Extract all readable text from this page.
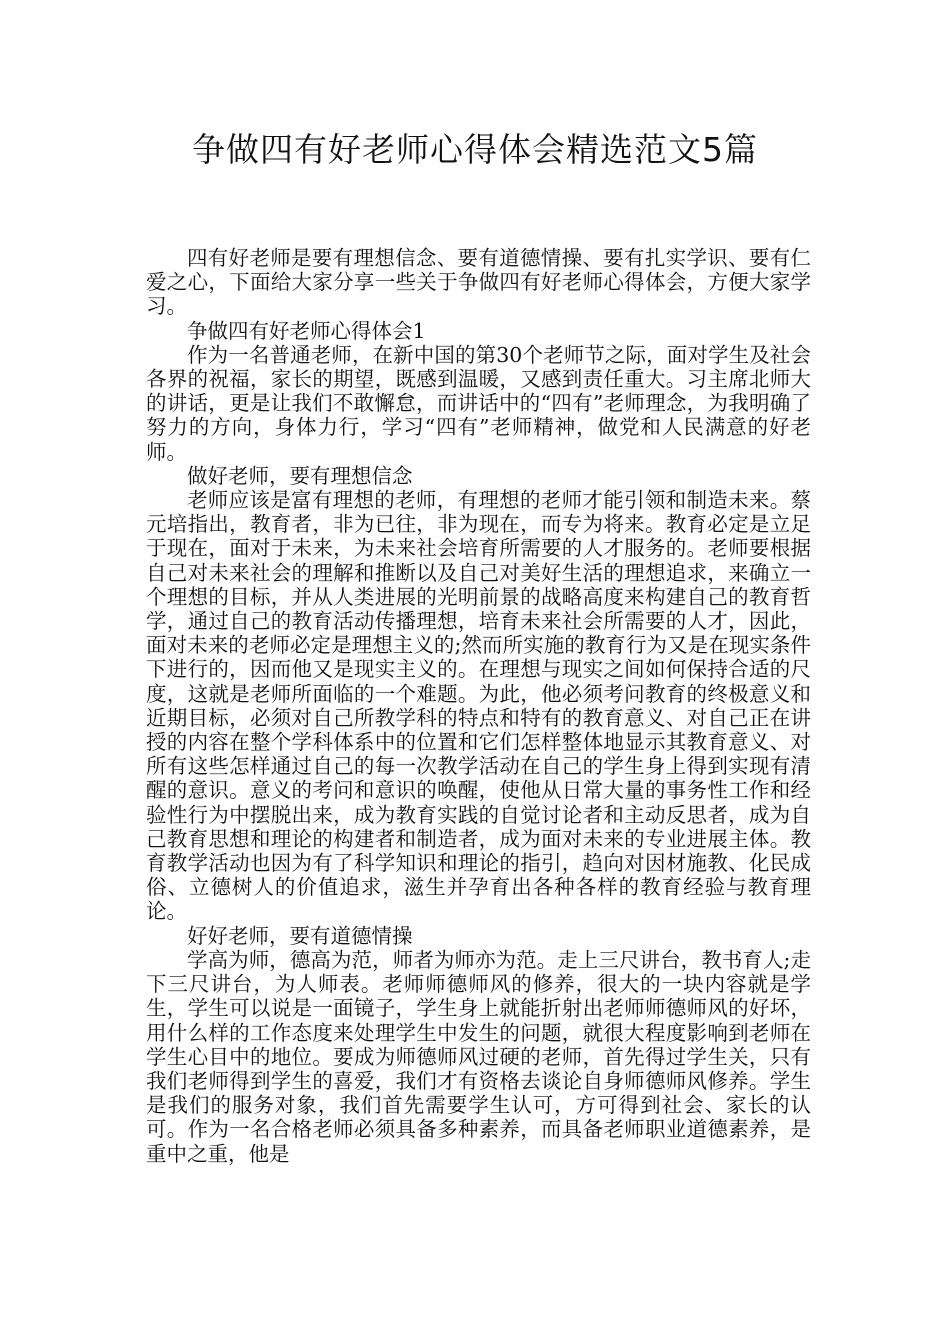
争做四有好老师心得体会精选范文5篇

四有好老师是要有理想信念、要有道德情操、要有扎实学识、要有仁爱之心，下面给大家分享一些关于争做四有好老师心得体会，方便大家学习。

争做四有好老师心得体会1

作为一名普通老师，在新中国的第30个老师节之际，面对学生及社会各界的祝福，家长的期望，既感到温暖，又感到责任重大。习主席北师大的讲话，更是让我们不敢懈怠，而讲话中的“四有”老师理念，为我明确了努力的方向，身体力行，学习“四有”老师精神，做党和人民满意的好老师。

做好老师，要有理想信念

老师应该是富有理想的老师，有理想的老师才能引领和制造未来。蔡元培指出，教育者，非为已往，非为现在，而专为将来。教育必定是立足于现在，面对于未来，为未来社会培育所需要的人才服务的。老师要根据自己对未来社会的理解和推断以及自己对美好生活的理想追求，来确立一个理想的目标，并从人类进展的光明前景的战略高度来构建自己的教育哲学，通过自己的教育活动传播理想，培育未来社会所需要的人才，因此，面对未来的老师必定是理想主义的;然而所实施的教育行为又是在现实条件下进行的，因而他又是现实主义的。在理想与现实之间如何保持合适的尺度，这就是老师所面临的一个难题。为此，他必须考问教育的终极意义和近期目标，必须对自己所教学科的特点和特有的教育意义、对自己正在讲授的内容在整个学科体系中的位置和它们怎样整体地显示其教育意义、对所有这些怎样通过自己的每一次教学活动在自己的学生身上得到实现有清醒的意识。意义的考问和意识的唤醒，使他从日常大量的事务性工作和经验性行为中摆脱出来，成为教育实践的自觉讨论者和主动反思者，成为自己教育思想和理论的构建者和制造者，成为面对未来的专业进展主体。教育教学活动也因为有了科学知识和理论的指引，趋向对因材施教、化民成俗、立德树人的价值追求，滋生并孕育出各种各样的教育经验与教育理论。

好好老师，要有道德情操

学高为师，德高为范，师者为师亦为范。走上三尺讲台，教书育人;走下三尺讲台，为人师表。老师师德师风的修养，很大的一块内容就是学生，学生可以说是一面镜子，学生身上就能折射出老师师德师风的好坏，用什么样的工作态度来处理学生中发生的问题，就很大程度影响到老师在学生心目中的地位。要成为师德师风过硬的老师，首先得过学生关，只有我们老师得到学生的喜爱，我们才有资格去谈论自身师德师风修养。学生是我们的服务对象，我们首先需要学生认可，方可得到社会、家长的认可。作为一名合格老师必须具备多种素养，而具备老师职业道德素养，是重中之重，他是
